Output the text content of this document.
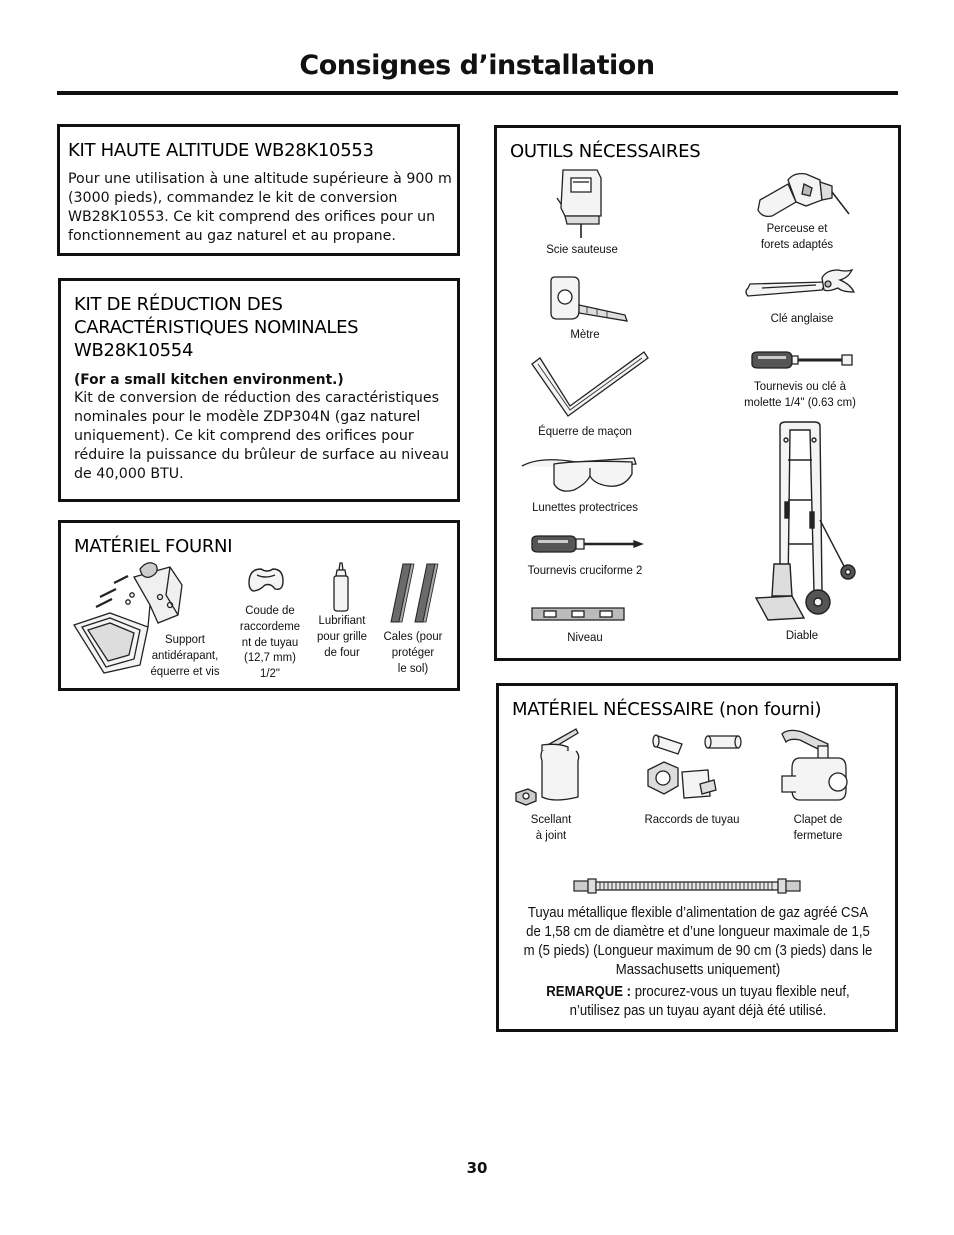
Consignes d’installation
KIT HAUTE ALTITUDE WB28K10553
Pour une utilisation à une altitude supérieure à 900 m (3000 pieds), commandez le kit de conversion WB28K10553. Ce kit comprend des orifices pour un fonctionnement au gaz naturel et au propane.
KIT DE RÉDUCTION DES
CARACTÉRISTIQUES NOMINALES
WB28K10554
(For a small kitchen environment.)
Kit de conversion de réduction des caractéristiques nominales pour le modèle ZDP304N (gaz naturel uniquement). Ce kit comprend des orifices pour réduire la puissance du brûleur de surface au niveau de 40,000 BTU.
MATÉRIEL FOURNI
Support
antidérapant,
équerre et vis
Coude de
raccordeme
nt de tuyau
(12,7 mm)
1/2"
Lubrifiant
pour grille
de four
Cales (pour
protéger
le sol)
OUTILS NÉCESSAIRES
Scie sauteuse
Perceuse et
forets adaptés
Mètre
Clé anglaise
Tournevis ou clé à
molette 1/4" (0.63 cm)
Équerre de maçon
Lunettes protectrices
Tournevis cruciforme 2
Niveau	Diable
MATÉRIEL NÉCESSAIRE (non fourni)
Scellant
à joint
Raccords de tuyau	Clapet de
fermeture
Tuyau métallique flexible d’alimentation de gaz agréé CSA de 1,58 cm de diamètre et d’une longueur maximale de 1,5 m (5 pieds) (Longueur maximum de 90 cm (3 pieds) dans le Massachusetts uniquement)
REMARQUE : procurez-vous un tuyau flexible neuf, n’utilisez pas un tuyau ayant déjà été utilisé.
30
